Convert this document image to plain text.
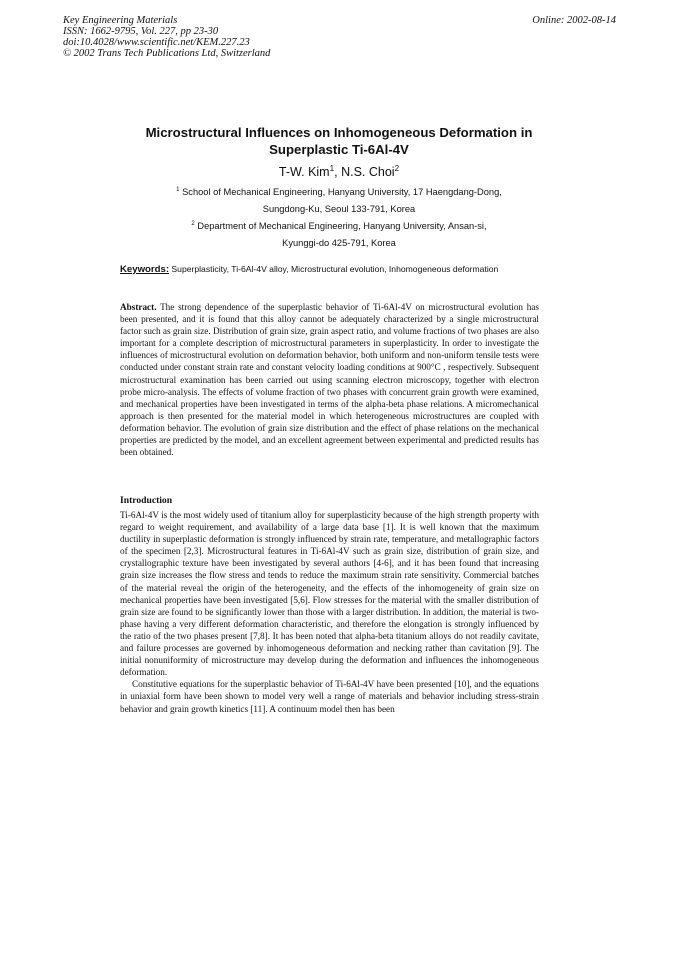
Key Engineering Materials
ISSN: 1662-9795, Vol. 227, pp 23-30
doi:10.4028/www.scientific.net/KEM.227.23
© 2002 Trans Tech Publications Ltd, Switzerland
Online: 2002-08-14
Microstructural Influences on Inhomogeneous Deformation in
Superplastic Ti-6Al-4V
T-W. Kim$^1$, N.S. Choi$^2$
$^1$ School of Mechanical Engineering, Hanyang University, 17 Haengdang-Dong,
Sungdong-Ku, Seoul 133-791, Korea
$^2$ Department of Mechanical Engineering, Hanyang University, Ansan-si,
Kyunggi-do 425-791, Korea
Keywords: Superplasticity, Ti-6Al-4V alloy, Microstructural evolution, Inhomogeneous deformation
Abstract. The strong dependence of the superplastic behavior of Ti-6Al-4V on microstructural evolution has been presented, and it is found that this alloy cannot be adequately characterized by a single microstructural factor such as grain size. Distribution of grain size, grain aspect ratio, and volume fractions of two phases are also important for a complete description of microstructural parameters in superplasticity. In order to investigate the influences of microstructural evolution on deformation behavior, both uniform and non-uniform tensile tests were conducted under constant strain rate and constant velocity loading conditions at 900°C , respectively. Subsequent microstructural examination has been carried out using scanning electron microscopy, together with electron probe micro-analysis. The effects of volume fraction of two phases with concurrent grain growth were examined, and mechanical properties have been investigated in terms of the alpha-beta phase relations. A micromechanical approach is then presented for the material model in which heterogeneous microstructures are coupled with deformation behavior. The evolution of grain size distribution and the effect of phase relations on the mechanical properties are predicted by the model, and an excellent agreement between experimental and predicted results has been obtained.
Introduction

Ti-6Al-4V is the most widely used of titanium alloy for superplasticity because of the high strength property with regard to weight requirement, and availability of a large data base [1]. It is well known that the maximum ductility in superplastic deformation is strongly influenced by strain rate, temperature, and metallographic factors of the specimen [2,3]. Microstructural features in Ti-6Al-4V such as grain size, distribution of grain size, and crystallographic texture have been investigated by several authors [4-6], and it has been found that increasing grain size increases the flow stress and tends to reduce the maximum strain rate sensitivity. Commercial batches of the material reveal the origin of the heterogeneity, and the effects of the inhomogeneity of grain size on mechanical properties have been investigated [5,6]. Flow stresses for the material with the smaller distribution of grain size are found to be significantly lower than those with a larger distribution. In addition, the material is two-phase having a very different deformation characteristic, and therefore the elongation is strongly influenced by the ratio of the two phases present [7,8]. It has been noted that alpha-beta titanium alloys do not readily cavitate, and failure processes are governed by inhomogeneous deformation and necking rather than cavitation [9]. The initial nonuniformity of microstructure may develop during the deformation and influences the inhomogeneous deformation.

Constitutive equations for the superplastic behavior of Ti-6Al-4V have been presented [10], and the equations in uniaxial form have been shown to model very well a range of materials and behavior including stress-strain behavior and grain growth kinetics [11]. A continuum model then has been
